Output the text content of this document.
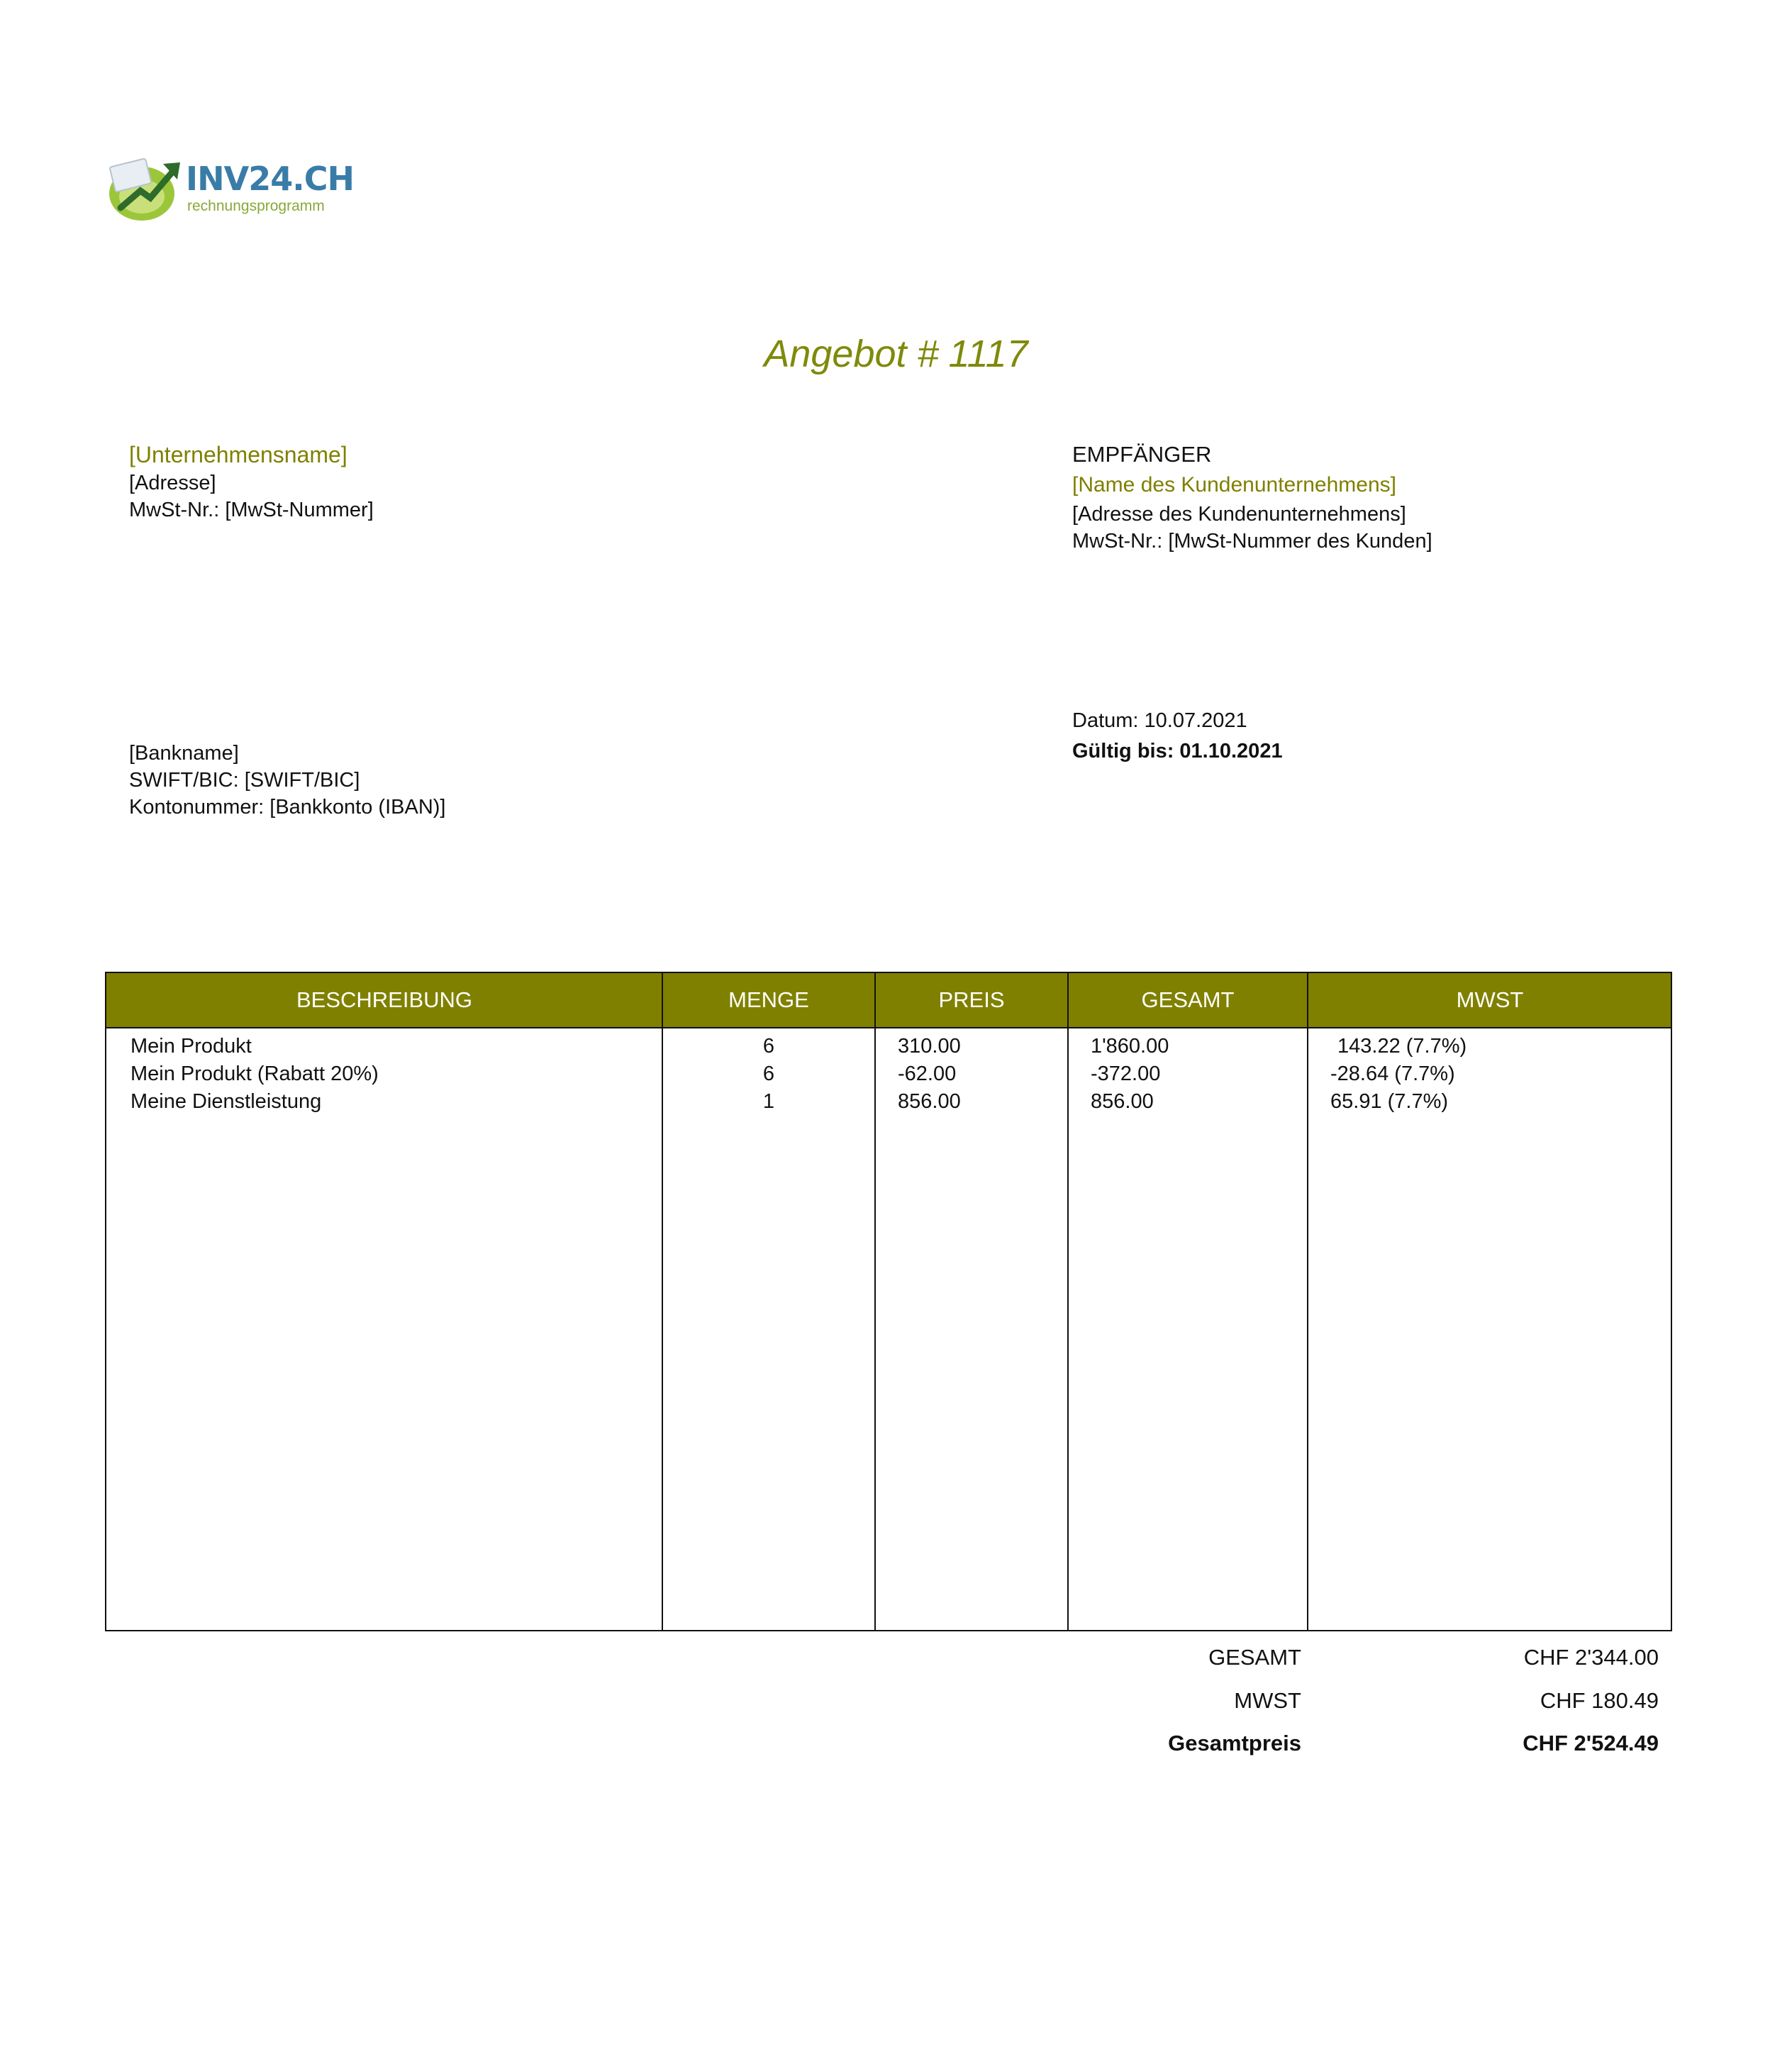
INV24.CH
rechnungsprogramm
Angebot # 1117
[Unternehmensname]
[Adresse]
MwSt-Nr.: [MwSt-Nummer]
EMPFÄNGER
[Name des Kundenunternehmens]
[Adresse des Kundenunternehmens]
MwSt-Nr.: [MwSt-Nummer des Kunden]
Datum: 10.07.2021
Gültig bis: 01.10.2021
[Bankname]
SWIFT/BIC: [SWIFT/BIC]
Kontonummer: [Bankkonto (IBAN)]
BESCHREIBUNG	MENGE	PREIS	GESAMT	MWST
Mein Produkt	6	310.00	1'860.00	143.22 (7.7%)
Mein Produkt (Rabatt 20%)	6	-62.00	-372.00	-28.64 (7.7%)
Meine Dienstleistung	1	856.00	856.00	65.91 (7.7%)
GESAMT	CHF 2'344.00
MWST	CHF 180.49
Gesamtpreis	CHF 2'524.49
